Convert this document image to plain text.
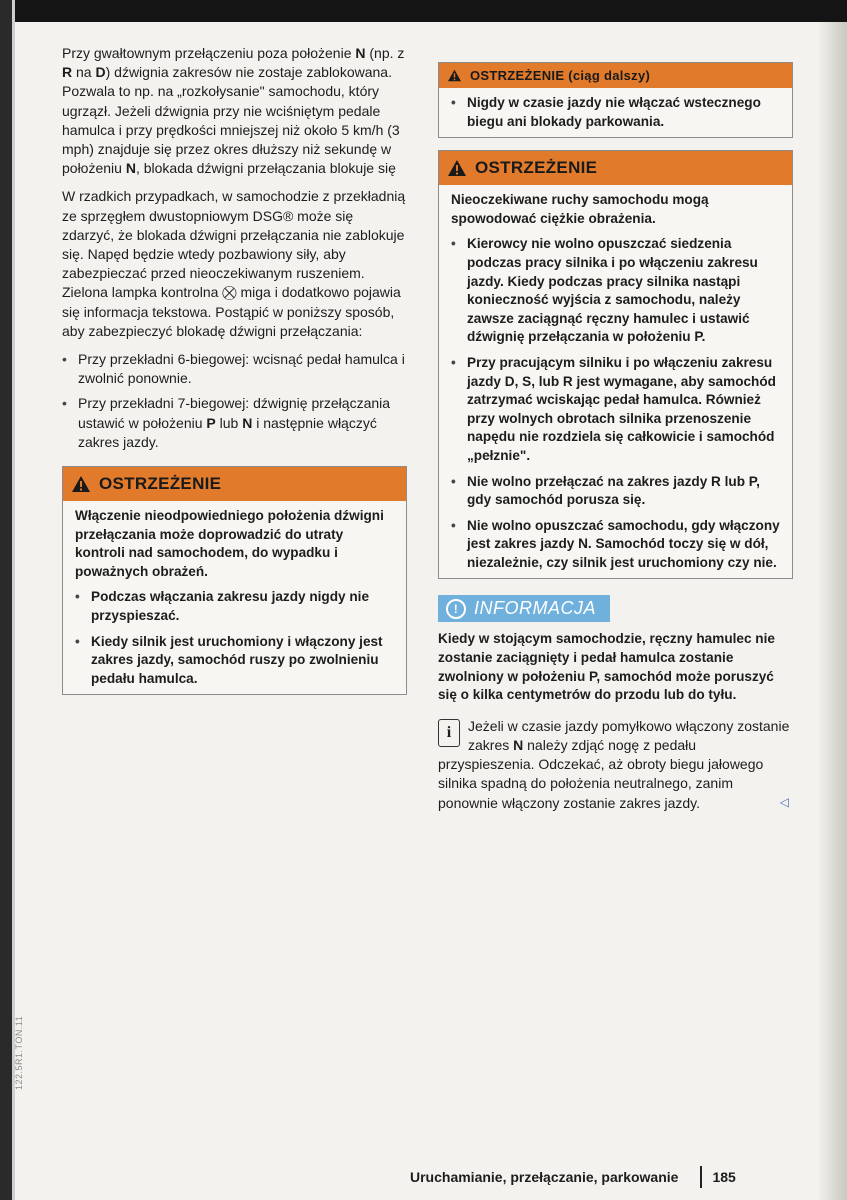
Przy gwałtownym przełączeniu poza położenie N (np. z R na D) dźwignia zakresów nie zostaje zablokowana. Pozwala to np. na „rozkołysanie" samochodu, który ugrzązł. Jeżeli dźwignia przy nie wciśniętym pedale hamulca i przy prędkości mniejszej niż około 5 km/h (3 mph) znajduje się przez okres dłuższy niż sekundę w położeniu N, blokada dźwigni przełączania blokuje się

W rzadkich przypadkach, w samochodzie z przekładnią ze sprzęgłem dwustopniowym DSG® może się zdarzyć, że blokada dźwigni przełączania nie zablokuje się. Napęd będzie wtedy pozbawiony siły, aby zabezpieczać przed nieoczekiwanym ruszeniem. Zielona lampka kontrolna ⛒ miga i dodatkowo pojawia się informacja tekstowa. Postąpić w poniższy sposób, aby zabezpieczyć blokadę dźwigni przełączania:

• Przy przekładni 6-biegowej: wcisnąć pedał hamulca i zwolnić ponownie.

• Przy przekładni 7-biegowej: dźwignię przełączania ustawić w położeniu P lub N i następnie włączyć zakres jazdy.

OSTRZEŻENIE

Włączenie nieodpowiedniego położenia dźwigni przełączania może doprowadzić do utraty kontroli nad samochodem, do wypadku i poważnych obrażeń.

• Podczas włączania zakresu jazdy nigdy nie przyspieszać.

• Kiedy silnik jest uruchomiony i włączony jest zakres jazdy, samochód ruszy po zwolnieniu pedału hamulca.

OSTRZEŻENIE (ciąg dalszy)

• Nigdy w czasie jazdy nie włączać wstecznego biegu ani blokady parkowania.

OSTRZEŻENIE

Nieoczekiwane ruchy samochodu mogą spowodować ciężkie obrażenia.

• Kierowcy nie wolno opuszczać siedzenia podczas pracy silnika i po włączeniu zakresu jazdy. Kiedy podczas pracy silnika nastąpi konieczność wyjścia z samochodu, należy zawsze zaciągnąć ręczny hamulec i ustawić dźwignię przełączania w położeniu P.

• Przy pracującym silniku i po włączeniu zakresu jazdy D, S, lub R jest wymagane, aby samochód zatrzymać wciskając pedał hamulca. Również przy wolnych obrotach silnika przenoszenie napędu nie rozdziela się całkowicie i samochód „pełznie".

• Nie wolno przełączać na zakres jazdy R lub P, gdy samochód porusza się.

• Nie wolno opuszczać samochodu, gdy włączony jest zakres jazdy N. Samochód toczy się w dół, niezależnie, czy silnik jest uruchomiony czy nie.

! INFORMACJA

Kiedy w stojącym samochodzie, ręczny hamulec nie zostanie zaciągnięty i pedał hamulca zostanie zwolniony w położeniu P, samochód może poruszyć się o kilka centymetrów do przodu lub do tyłu.

i	Jeżeli w czasie jazdy pomyłkowo włączony zostanie zakres N należy zdjąć nogę z pedału przyspieszenia. Odczekać, aż obroty biegu jałowego silnika spadną do położenia neutralnego, zanim ponownie włączony zostanie zakres jazdy.	◁
122.5R1.TON.11
Uruchamianie, przełączanie, parkowanie 185
